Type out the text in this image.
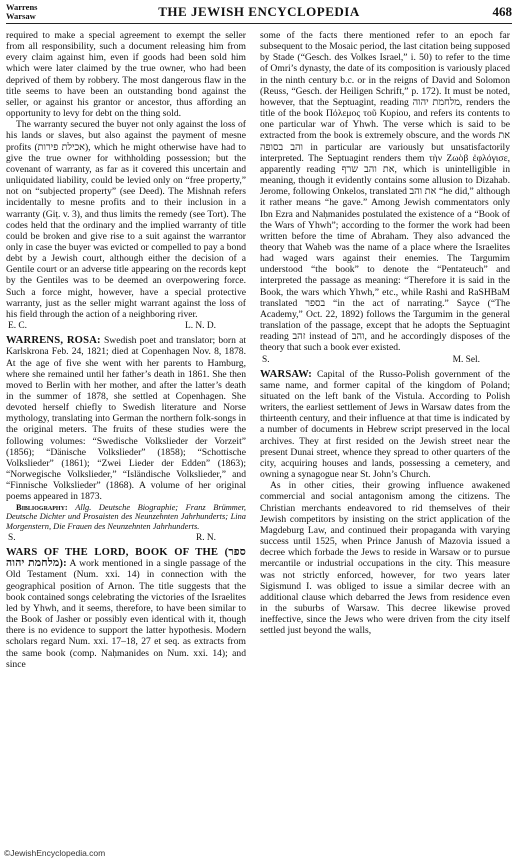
Warrens
Warsaw	THE JEWISH ENCYCLOPEDIA	468

required to make a special agreement to exempt the seller from all responsibility, such a document releasing him from every claim against him, even if goods had been sold him which were later claimed by the true owner, who had been deprived of them by robbery. The most dangerous flaw in the title seems to have been an outstanding bond against the seller, or against his grantor or ancestor, thus affording an opportunity to levy for debt on the thing sold.

The warranty secured the buyer not only against the loss of his lands or slaves, but also against the payment of mesne profits (אכילת פירות), which he might otherwise have had to give the true owner for withholding possession; but the covenant of warranty, as far as it covered this uncertain and unliquidated liability, could be levied only on “free property,” not on “subjected property” (see Deed). The Mishnah refers incidentally to mesne profits and to their inclusion in a warranty (Giṭ. v. 3), and thus limits the remedy (see Tort). The codes held that the ordinary and the implied warranty of title could be broken and give rise to a suit against the warrantor only in case the buyer was evicted or compelled to pay a bond debt by a Jewish court, although either the decision of a Gentile court or an adverse title appearing on the records kept by the Gentiles was to be deemed an overpowering force. Such a force might, however, have a special protective warranty, just as the seller might warrant against the loss of his field through the action of a neighboring river.

E. C.	L. N. D.

WARRENS, ROSA: Swedish poet and translator; born at Karlskrona Feb. 24, 1821; died at Copenhagen Nov. 8, 1878. At the age of five she went with her parents to Hamburg, where she remained until her father’s death in 1861. She then moved to Berlin with her mother, and after the latter’s death in the summer of 1878, she settled at Copenhagen. She devoted herself chiefly to Swedish literature and Norse mythology, translating into German the northern folk-songs in the original meters. The fruits of these studies were the following volumes: “Swedische Volkslieder der Vorzeit” (1856); “Dänische Volkslieder” (1858); “Schottische Volkslieder” (1861); “Zwei Lieder der Edden” (1863); “Norwegische Volkslieder,” “Isländische Volkslieder,” and “Finnische Volkslieder” (1868). A volume of her original poems appeared in 1873.

Bibliography: Allg. Deutsche Biographie; Franz Brümmer, Deutsche Dichter und Prosaisten des Neunzehnten Jahrhunderts; Lina Morgenstern, Die Frauen des Neunzehnten Jahrhunderts.

S.	R. N.

WARS OF THE LORD, BOOK OF THE (ספר מלחמת יהוה): A work mentioned in a single passage of the Old Testament (Num. xxi. 14) in connection with the geographical position of Arnon. The title suggests that the book contained songs celebrating the victories of the Israelites led by Yhwh, and it seems, therefore, to have been similar to the Book of Jasher or possibly even identical with it, though there is no evidence to support the latter hypothesis. Modern scholars regard Num. xxi. 17–18, 27 et seq. as extracts from the same book (comp. Naḥmanides on Num. xxi. 14); and since

some of the facts there mentioned refer to an epoch far subsequent to the Mosaic period, the last citation being supposed by Stade (“Gesch. des Volkes Israel,” i. 50) to refer to the time of Omri’s dynasty, the date of its composition is variously placed in the ninth century b.c. or in the reigns of David and Solomon (Reuss, “Gesch. der Heiligen Schrift,” p. 172). It must be noted, however, that the Septuagint, reading מלחמת יהוה, renders the title of the book Πόλεμος τοῦ Κυρίου, and refers its contents to one particular war of Yhwh. The verse which is said to be extracted from the book is extremely obscure, and the words את והב בסופה in particular are variously but unsatisfactorily interpreted. The Septuagint renders them τὴν Ζωὸβ ἐφλόγισε, apparently reading את והב שרף, which is unintelligible in meaning, though it evidently contains some allusion to Dizahab. Jerome, following Onkelos, translated את והב “he did,” although it rather means “he gave.” Among Jewish commentators only Ibn Ezra and Naḥmanides postulated the existence of a “Book of the Wars of Yhwh”; according to the former the work had been written before the time of Abraham. They also advanced the theory that Waheb was the name of a place where the Israelites had waged wars against their enemies. The Targumim understood “the book” to denote the “Pentateuch” and interpreted the passage as meaning: “Therefore it is said in the Book, the wars which Yhwh,” etc., while Rashi and RaSHBaM translated בספר “in the act of narrating.” Sayce (“The Academy,” Oct. 22, 1892) follows the Targumim in the general translation of the passage, except that he adopts the Septuagint reading זהב instead of והב, and he accordingly disposes of the theory that such a book ever existed.

S.	M. Sel.

WARSAW: Capital of the Russo-Polish government of the same name, and former capital of the kingdom of Poland; situated on the left bank of the Vistula. According to Polish writers, the earliest settlement of Jews in Warsaw dates from the thirteenth century, and their influence at that time is indicated by a number of documents in Hebrew script preserved in the local archives. They at first resided on the Jewish street near the present Dunai street, whence they spread to other quarters of the city, acquiring houses and lands, possessing a cemetery, and owning a synagogue near St. John’s Church.

As in other cities, their growing influence awakened commercial and social antagonism among the citizens. The Christian merchants endeavored to rid themselves of their Jewish competitors by insisting on the strict application of the Magdeburg Law, and continued their propaganda with varying success until 1525, when Prince Janush of Mazovia issued a decree which forbade the Jews to reside in Warsaw or to pursue mercantile or industrial occupations in the city. This measure was not strictly enforced, however, for two years later Sigismund I. was obliged to issue a similar decree with an additional clause which debarred the Jews from residence even in the suburbs of Warsaw. This decree likewise proved ineffective, since the Jews who were driven from the city itself settled just beyond the walls,

©JewishEncyclopedia.com
